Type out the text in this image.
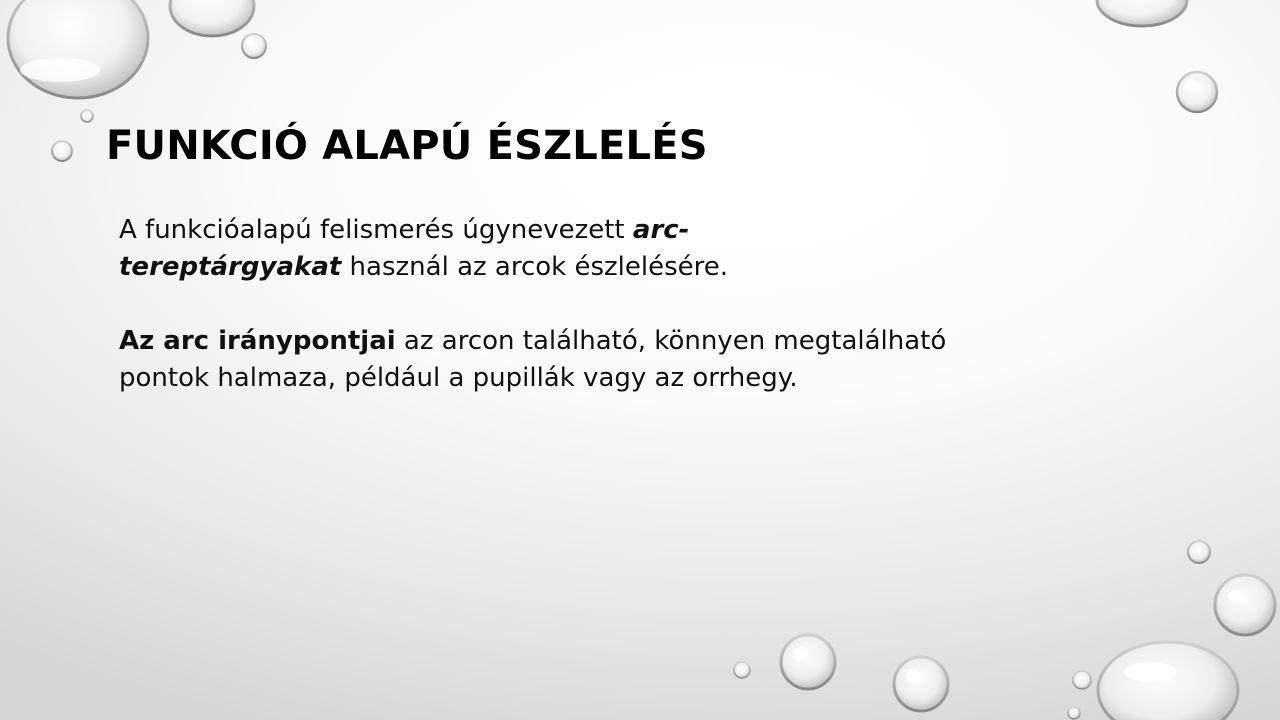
FUNKCIÓ ALAPÚ ÉSZLELÉS

A funkcióalapú felismerés úgynevezett arc-
tereptárgyakat használ az arcok észlelésére.

Az arc iránypontjai az arcon található, könnyen megtalálható
pontok halmaza, például a pupillák vagy az orrhegy.
